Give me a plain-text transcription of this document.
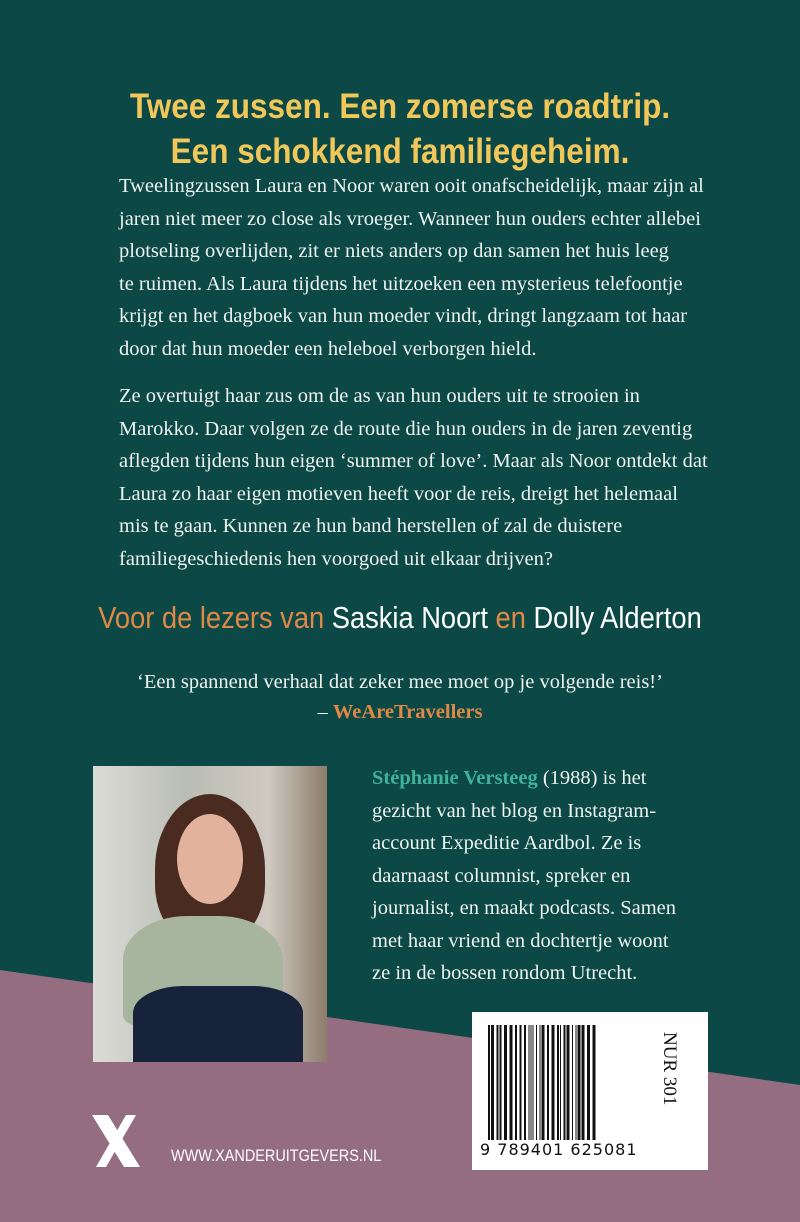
Twee zussen. Een zomerse roadtrip.
Een schokkend familiegeheim.
Tweelingzussen Laura en Noor waren ooit onafscheidelijk, maar zijn al
jaren niet meer zo close als vroeger. Wanneer hun ouders echter allebei
plotseling overlijden, zit er niets anders op dan samen het huis leeg
te ruimen. Als Laura tijdens het uitzoeken een mysterieus telefoontje
krijgt en het dagboek van hun moeder vindt, dringt langzaam tot haar
door dat hun moeder een heleboel verborgen hield.
Ze overtuigt haar zus om de as van hun ouders uit te strooien in
Marokko. Daar volgen ze de route die hun ouders in de jaren zeventig
aflegden tijdens hun eigen ‘summer of love’. Maar als Noor ontdekt dat
Laura zo haar eigen motieven heeft voor de reis, dreigt het helemaal
mis te gaan. Kunnen ze hun band herstellen of zal de duistere
familiegeschiedenis hen voorgoed uit elkaar drijven?
Voor de lezers van Saskia Noort en Dolly Alderton
‘Een spannend verhaal dat zeker mee moet op je volgende reis!’
– WeAreTravellers
Stéphanie Versteeg (1988) is het
gezicht van het blog en Instagram-
account Expeditie Aardbol. Ze is
daarnaast columnist, spreker en
journalist, en maakt podcasts. Samen
met haar vriend en dochtertje woont
ze in de bossen rondom Utrecht.
WWW.XANDERUITGEVERS.NL	9 789401 625081
NUR 301
